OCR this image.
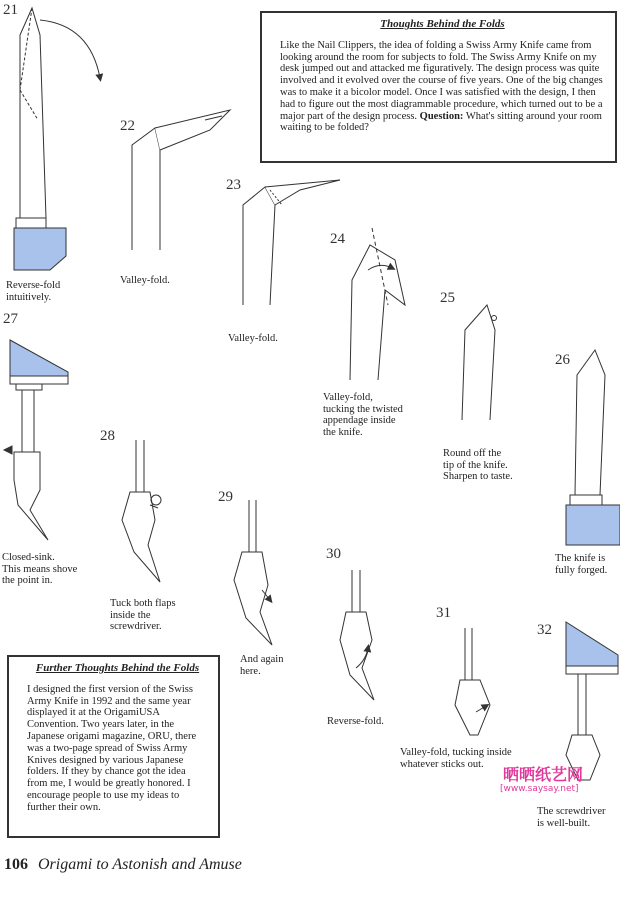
Thoughts Behind the Folds

Like the Nail Clippers, the idea of folding a Swiss Army Knife came from looking around the room for subjects to fold. The Swiss Army Knife on my desk jumped out and attacked me figuratively. The design process was quite involved and it evolved over the course of five years. One of the big changes was to make it a bicolor model. Once I was satisfied with the design, I then had to figure out the most diagrammable procedure, which turned out to be a major part of the design process. Question: What's sitting around your room waiting to be folded?

Further Thoughts Behind the Folds

I designed the first version of the Swiss Army Knife in 1992 and the same year displayed it at the OrigamiUSA Convention. Two years later, in the Japanese origami magazine, ORU, there was a two-page spread of Swiss Army Knives designed by various Japanese folders. If they by chance got the idea from me, I would be greatly honored. I encourage people to use my ideas to further their own.

21
22
23
24
25
26
27
28
29
30
31
32
Reverse-fold
intuitively.
Valley-fold.
Valley-fold.
Valley-fold,
tucking the twisted
appendage inside
the knife.
Round off the
tip of the knife.
Sharpen to taste.
The knife is
fully forged.
Closed-sink.
This means shove
the point in.
Tuck both flaps
inside the
screwdriver.
And again
here.
Reverse-fold.
Valley-fold, tucking inside
whatever sticks out.
The screwdriver
is well-built.
晒晒纸艺网
[www.saysay.net]
106 Origami to Astonish and Amuse
